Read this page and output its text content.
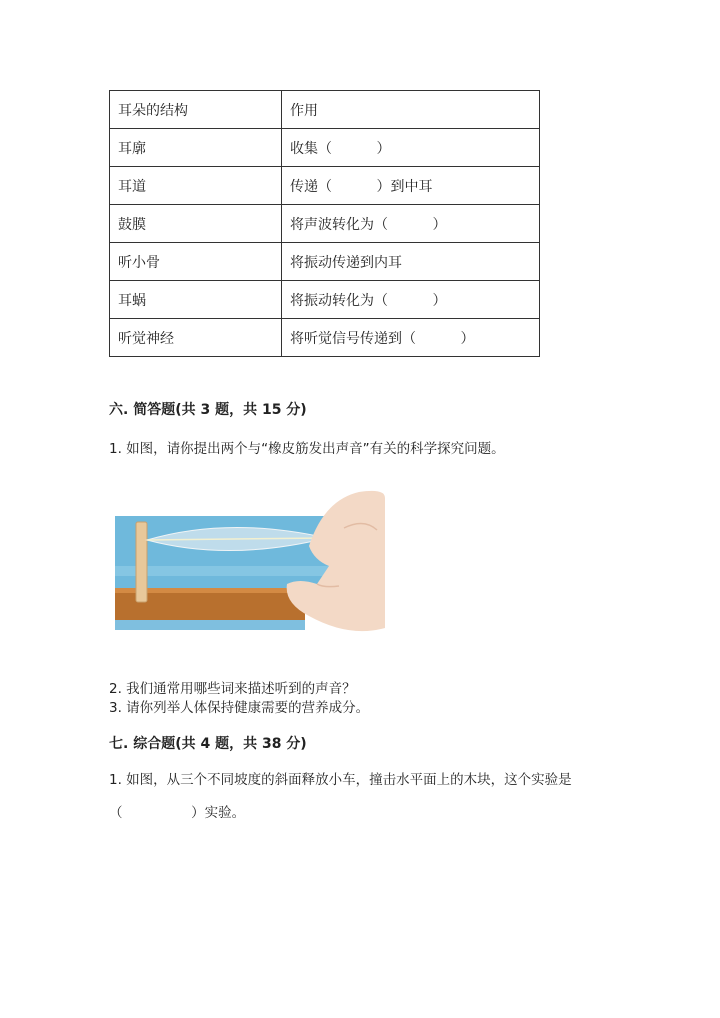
耳朵的结构	作用
耳廓	收集（          ）
耳道	传递（          ）到中耳
鼓膜	将声波转化为（          ）
听小骨	将振动传递到内耳
耳蜗	将振动转化为（          ）
听觉神经	将听觉信号传递到（          ）
六. 简答题(共 3 题，共 15 分)
1. 如图，请你提出两个与“橡皮筋发出声音”有关的科学探究问题。
2. 我们通常用哪些词来描述听到的声音？
3. 请你列举人体保持健康需要的营养成分。
七. 综合题(共 4 题，共 38 分)
1. 如图，从三个不同坡度的斜面释放小车，撞击水平面上的木块，这个实验是
（                ）实验。
